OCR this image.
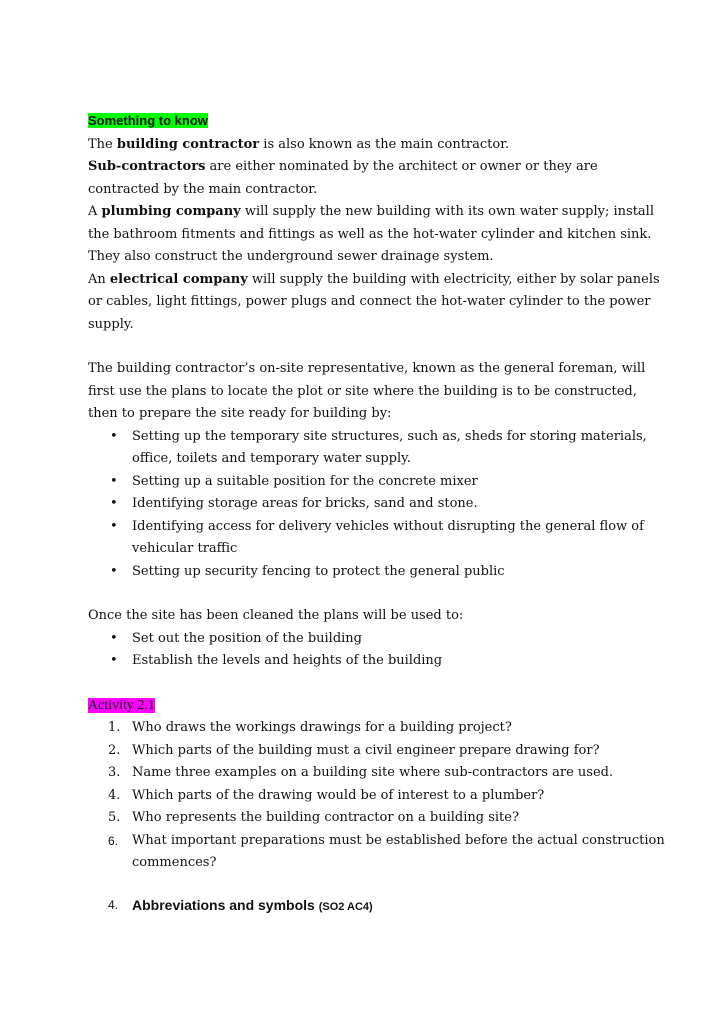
Something to know

The building contractor is also known as the main contractor.

Sub-contractors are either nominated by the architect or owner or they are contracted by the main contractor.

A plumbing company will supply the new building with its own water supply; install the bathroom fitments and fittings as well as the hot-water cylinder and kitchen sink. They also construct the underground sewer drainage system.

An electrical company will supply the building with electricity, either by solar panels or cables, light fittings, power plugs and connect the hot-water cylinder to the power supply.

The building contractor’s on-site representative, known as the general foreman, will first use the plans to locate the plot or site where the building is to be constructed, then to prepare the site ready for building by:

• Setting up the temporary site structures, such as, sheds for storing materials, office, toilets and temporary water supply.
• Setting up a suitable position for the concrete mixer
• Identifying storage areas for bricks, sand and stone.
• Identifying access for delivery vehicles without disrupting the general flow of vehicular traffic
• Setting up security fencing to protect the general public

Once the site has been cleaned the plans will be used to:

• Set out the position of the building
• Establish the levels and heights of the building

Activity 2.1

1. Who draws the workings drawings for a building project?
2. Which parts of the building must a civil engineer prepare drawing for?
3. Name three examples on a building site where sub-contractors are used.
4. Which parts of the drawing would be of interest to a plumber?
5. Who represents the building contractor on a building site?
6. What important preparations must be established before the actual construction commences?
4. Abbreviations and symbols (SO2 AC4)
